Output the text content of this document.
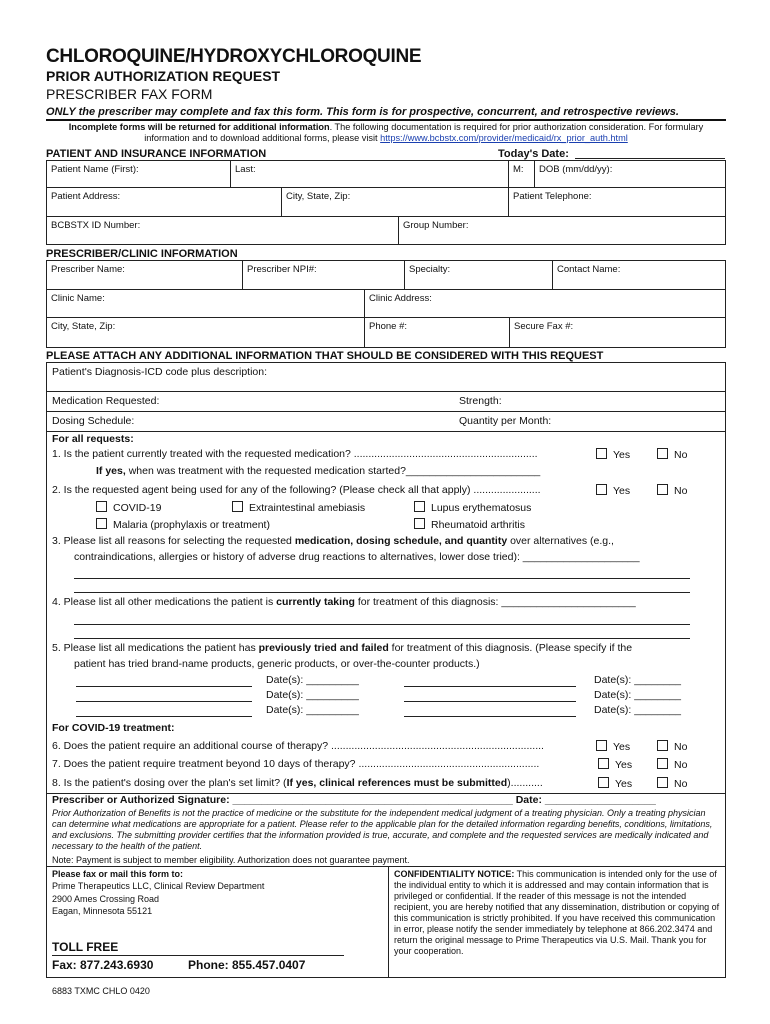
CHLOROQUINE/HYDROXYCHLOROQUINE
PRIOR AUTHORIZATION REQUEST
PRESCRIBER FAX FORM
ONLY the prescriber may complete and fax this form. This form is for prospective, concurrent, and retrospective reviews.
Incomplete forms will be returned for additional information. The following documentation is required for prior authorization consideration. For formulary information and to download additional forms, please visit https://www.bcbstx.com/provider/medicaid/rx_prior_auth.html
PATIENT AND INSURANCE INFORMATION	Today's Date:
Patient Name (First):	Last:	M:	DOB (mm/dd/yy):
Patient Address:	City, State, Zip:	Patient Telephone:
BCBSTX ID Number:	Group Number:
PRESCRIBER/CLINIC INFORMATION
Prescriber Name:	Prescriber NPI#:	Specialty:	Contact Name:
Clinic Name:	Clinic Address:
City, State, Zip:	Phone #:	Secure Fax #:
PLEASE ATTACH ANY ADDITIONAL INFORMATION THAT SHOULD BE CONSIDERED WITH THIS REQUEST
Patient's Diagnosis-ICD code plus description:
Medication Requested:	Strength:
Dosing Schedule:	Quantity per Month:
For all requests:
1. Is the patient currently treated with the requested medication? ...............................................................	Yes	No
If yes, when was treatment with the requested medication started?_______________________
2. Is the requested agent being used for any of the following? (Please check all that apply) .......................	Yes	No
COVID-19	Extraintestinal amebiasis	Lupus erythematosus
Malaria (prophylaxis or treatment)	Rheumatoid arthritis
3. Please list all reasons for selecting the requested medication, dosing schedule, and quantity over alternatives (e.g.,
contraindications, allergies or history of adverse drug reactions to alternatives, lower dose tried): ____________________
4. Please list all other medications the patient is currently taking for treatment of this diagnosis: _______________________
5. Please list all medications the patient has previously tried and failed for treatment of this diagnosis. (Please specify if the
patient has tried brand-name products, generic products, or over-the-counter products.)
Date(s): _________	Date(s): ________
Date(s): _________	Date(s): ________
Date(s): _________	Date(s): ________
For COVID-19 treatment:
6. Does the patient require an additional course of therapy? .........................................................................	Yes	No
7. Does the patient require treatment beyond 10 days of therapy? ..............................................................	Yes	No
8. Is the patient's dosing over the plan's set limit? (If yes, clinical references must be submitted)...........	Yes	No
Prescriber or Authorized Signature: ________________________________________________ Date: ___________________
Prior Authorization of Benefits is not the practice of medicine or the substitute for the independent medical judgment of a treating physician. Only a treating physician can determine what medications are appropriate for a patient. Please refer to the applicable plan for the detailed information regarding benefits, conditions, limitations, and exclusions. The submitting provider certifies that the information provided is true, accurate, and complete and the requested services are medically indicated and necessary to the health of the patient.
Note: Payment is subject to member eligibility. Authorization does not guarantee payment.
Please fax or mail this form to:
Prime Therapeutics LLC, Clinical Review Department
2900 Ames Crossing Road
Eagan, Minnesota 55121
TOLL FREE
Fax: 877.243.6930	Phone: 855.457.0407
CONFIDENTIALITY NOTICE: This communication is intended only for the use of the individual entity to which it is addressed and may contain information that is privileged or confidential. If the reader of this message is not the intended recipient, you are hereby notified that any dissemination, distribution or copying of this communication is strictly prohibited. If you have received this communication in error, please notify the sender immediately by telephone at 866.202.3474 and return the original message to Prime Therapeutics via U.S. Mail. Thank you for your cooperation.
6883 TXMC CHLO 0420
